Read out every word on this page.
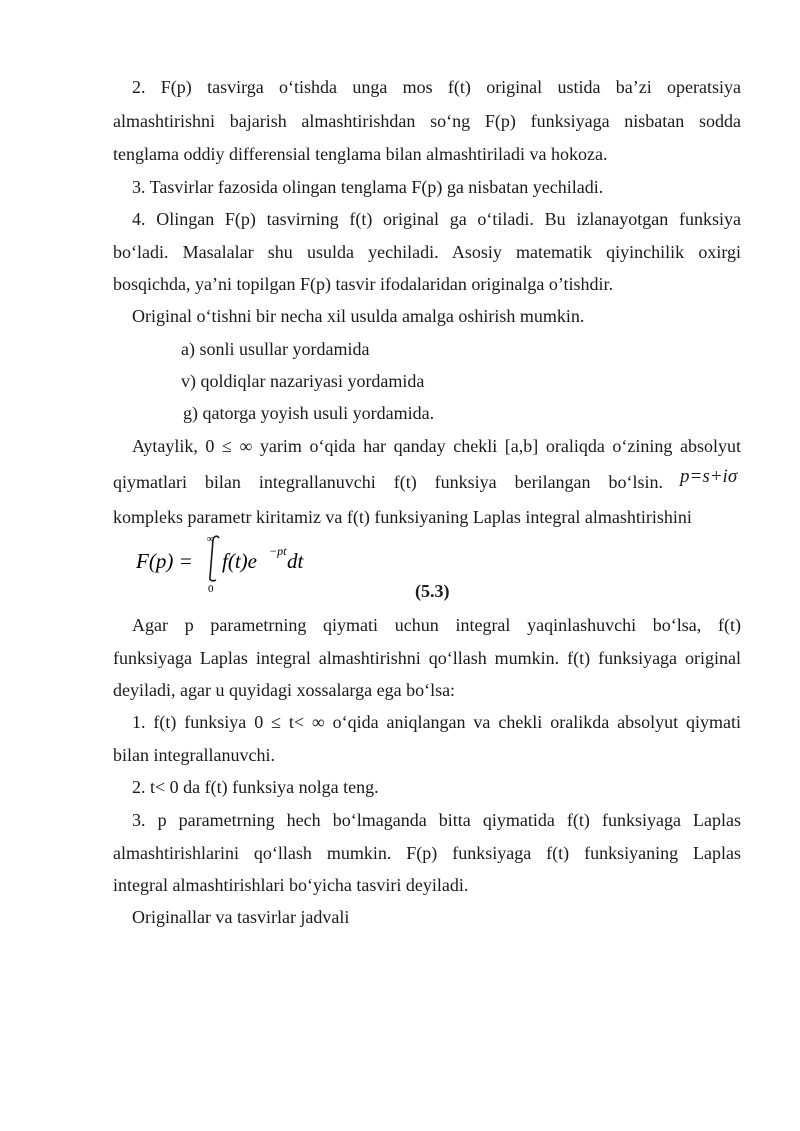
2. F(p) tasvirga o‘tishda unga mos f(t) original ustida ba’zi operatsiya
almashtirishni bajarish almashtirishdan so‘ng F(p) funksiyaga nisbatan sodda
tenglama oddiy differensial tenglama bilan almashtiriladi va hokoza.
3. Tasvirlar fazosida olingan tenglama F(p) ga nisbatan yechiladi.
4. Olingan F(p) tasvirning f(t) original ga o‘tiladi. Bu izlanayotgan funksiya
bo‘ladi. Masalalar shu usulda yechiladi. Asosiy matematik qiyinchilik oxirgi
bosqichda, ya’ni topilgan F(p) tasvir ifodalaridan originalga o’tishdir.
Original o‘tishni bir necha xil usulda amalga oshirish mumkin.
a) sonli usullar yordamida
v) qoldiqlar nazariyasi yordamida
g) qatorga yoyish usuli yordamida.
Aytaylik, 0 ≤ ∞ yarim o‘qida har qanday chekli [a,b] oraliqda o‘zining absolyut
qiymatlari bilan integrallanuvchi f(t) funksiya berilangan bo‘lsin. p=s+iσ
kompleks parametr kiritamiz va f(t) funksiyaning Laplas integral almashtirishini
F(p) =
∞
0
f(t)e −pt dt
(5.3)
Agar p parametrning qiymati uchun integral yaqinlashuvchi bo‘lsa, f(t)
funksiyaga Laplas integral almashtirishni qo‘llash mumkin. f(t) funksiyaga original
deyiladi, agar u quyidagi xossalarga ega bo‘lsa:
1. f(t) funksiya 0 ≤ t< ∞ o‘qida aniqlangan va chekli oralikda absolyut qiymati
bilan integrallanuvchi.
2. t< 0 da f(t) funksiya nolga teng.
3. p parametrning hech bo‘lmaganda bitta qiymatida f(t) funksiyaga Laplas
almashtirishlarini qo‘llash mumkin. F(p) funksiyaga f(t) funksiyaning Laplas
integral almashtirishlari bo‘yicha tasviri deyiladi.
Originallar va tasvirlar jadvali
